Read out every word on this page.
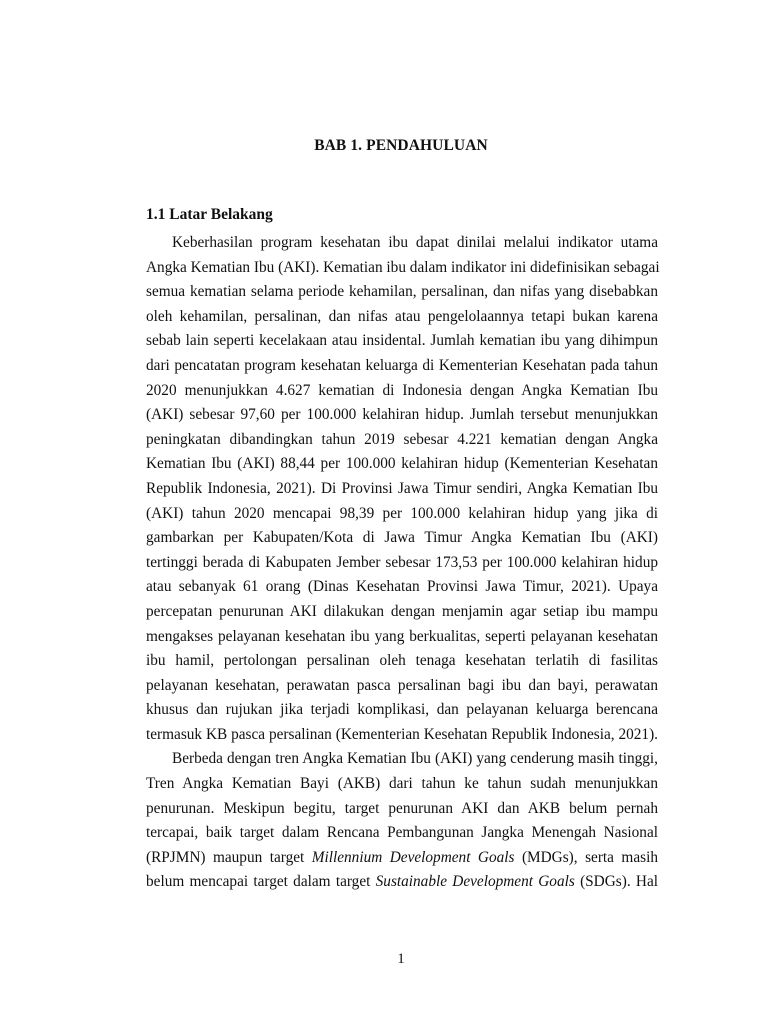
BAB 1. PENDAHULUAN
1.1 Latar Belakang
Keberhasilan program kesehatan ibu dapat dinilai melalui indikator utama
Angka Kematian Ibu (AKI). Kematian ibu dalam indikator ini didefinisikan sebagai
semua kematian selama periode kehamilan, persalinan, dan nifas yang disebabkan
oleh kehamilan, persalinan, dan nifas atau pengelolaannya tetapi bukan karena
sebab lain seperti kecelakaan atau insidental. Jumlah kematian ibu yang dihimpun
dari pencatatan program kesehatan keluarga di Kementerian Kesehatan pada tahun
2020 menunjukkan 4.627 kematian di Indonesia dengan Angka Kematian Ibu
(AKI) sebesar 97,60 per 100.000 kelahiran hidup. Jumlah tersebut menunjukkan
peningkatan dibandingkan tahun 2019 sebesar 4.221 kematian dengan Angka
Kematian Ibu (AKI) 88,44 per 100.000 kelahiran hidup (Kementerian Kesehatan
Republik Indonesia, 2021). Di Provinsi Jawa Timur sendiri, Angka Kematian Ibu
(AKI) tahun 2020 mencapai 98,39 per 100.000 kelahiran hidup yang jika di
gambarkan per Kabupaten/Kota di Jawa Timur Angka Kematian Ibu (AKI)
tertinggi berada di Kabupaten Jember sebesar 173,53 per 100.000 kelahiran hidup
atau sebanyak 61 orang (Dinas Kesehatan Provinsi Jawa Timur, 2021). Upaya
percepatan penurunan AKI dilakukan dengan menjamin agar setiap ibu mampu
mengakses pelayanan kesehatan ibu yang berkualitas, seperti pelayanan kesehatan
ibu hamil, pertolongan persalinan oleh tenaga kesehatan terlatih di fasilitas
pelayanan kesehatan, perawatan pasca persalinan bagi ibu dan bayi, perawatan
khusus dan rujukan jika terjadi komplikasi, dan pelayanan keluarga berencana
termasuk KB pasca persalinan (Kementerian Kesehatan Republik Indonesia, 2021).
Berbeda dengan tren Angka Kematian Ibu (AKI) yang cenderung masih tinggi,
Tren Angka Kematian Bayi (AKB) dari tahun ke tahun sudah menunjukkan
penurunan. Meskipun begitu, target penurunan AKI dan AKB belum pernah
tercapai, baik target dalam Rencana Pembangunan Jangka Menengah Nasional
(RPJMN) maupun target Millennium Development Goals (MDGs), serta masih
belum mencapai target dalam target Sustainable Development Goals (SDGs). Hal
1
